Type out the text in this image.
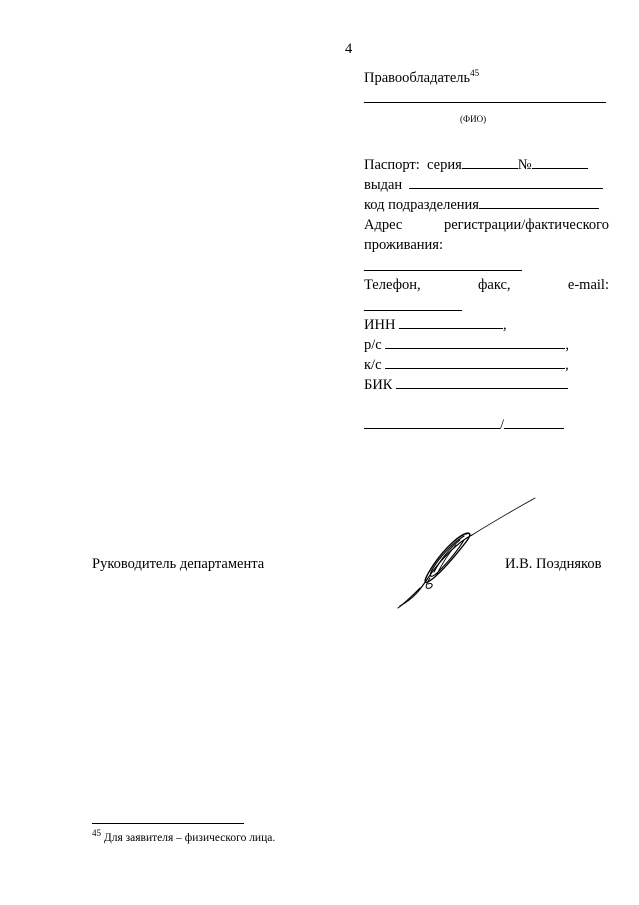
4
Правообладатель$^{45}$
(ФИО)
Паспорт: серия	№
выдан
код подразделения
Адрес	регистрации/фактического
проживания:
Телефон,	факс,	e-mail:
ИНН	,
р/с	,
к/с	,
БИК
/
Руководитель департамента	И.В. Поздняков
$^{45}$ Для заявителя – физического лица.
